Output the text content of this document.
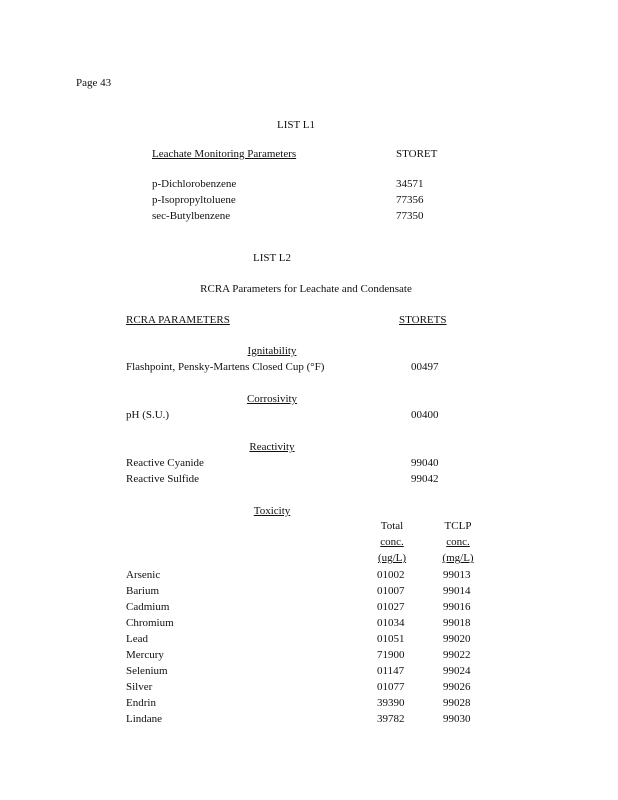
Page 43
LIST L1
Leachate Monitoring Parameters	STORET
p-Dichlorobenzene	34571
p-Isopropyltoluene	77356
sec-Butylbenzene	77350
LIST L2
RCRA Parameters for Leachate and Condensate
RCRA PARAMETERS	STORETS
Ignitability
Flashpoint, Pensky-Martens Closed Cup (°F)	00497
Corrosivity
pH (S.U.)	00400
Reactivity
Reactive Cyanide	99040
Reactive Sulfide	99042
Toxicity
Total
conc.
(ug/L)
TCLP
conc.
(mg/L)
Arsenic	01002	99013
Barium	01007	99014
Cadmium	01027	99016
Chromium	01034	99018
Lead	01051	99020
Mercury	71900	99022
Selenium	01147	99024
Silver	01077	99026
Endrin	39390	99028
Lindane	39782	99030
